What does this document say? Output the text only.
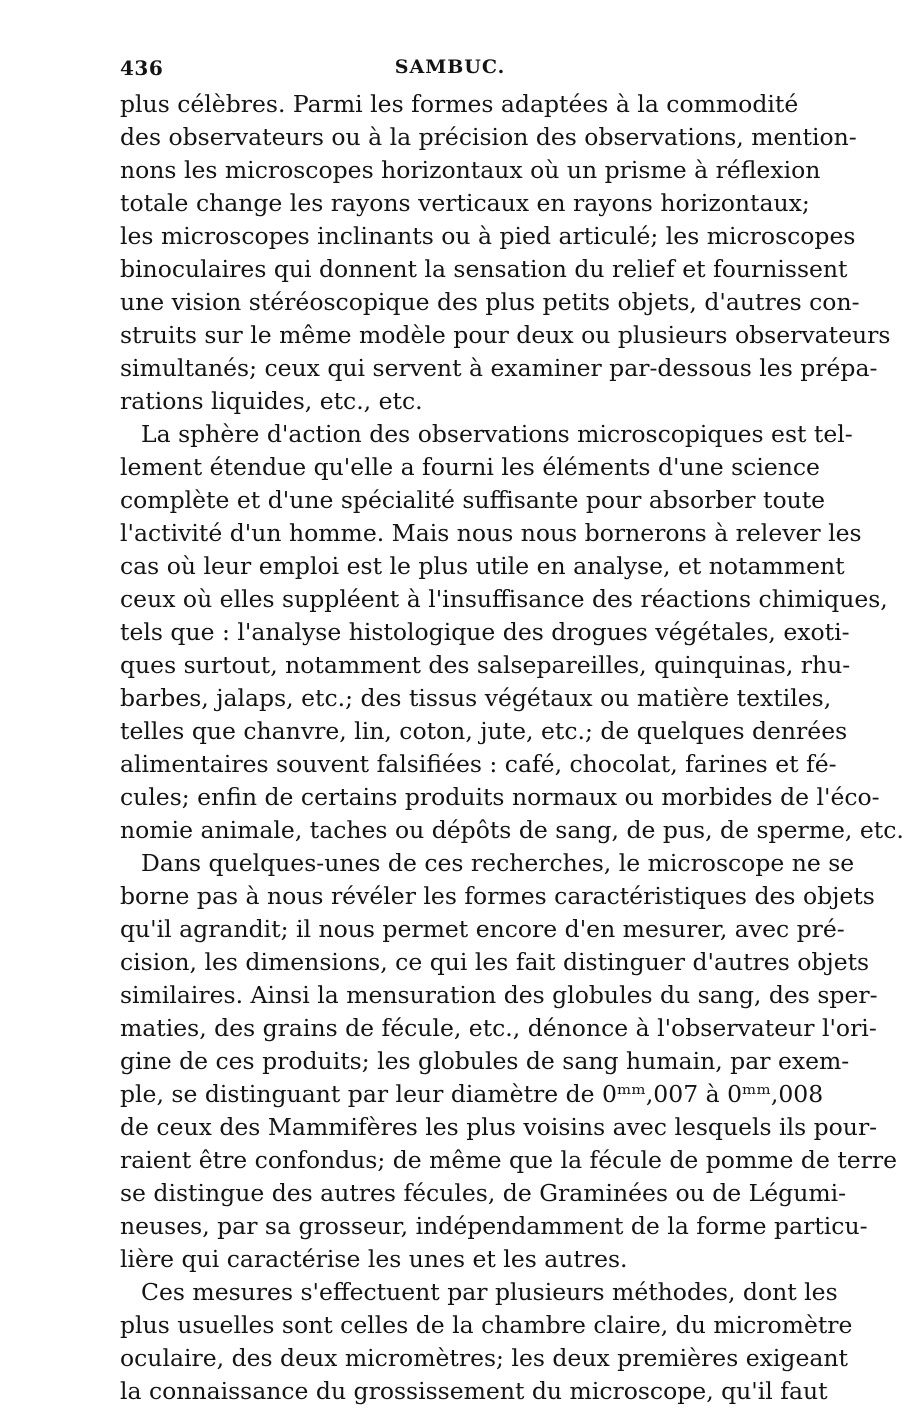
436	SAMBUC.
plus célèbres. Parmi les formes adaptées à la commodité
des observateurs ou à la précision des observations, mention-
nons les microscopes horizontaux où un prisme à réflexion
totale change les rayons verticaux en rayons horizontaux;
les microscopes inclinants ou à pied articulé; les microscopes
binoculaires qui donnent la sensation du relief et fournissent
une vision stéréoscopique des plus petits objets, d'autres con-
struits sur le même modèle pour deux ou plusieurs observateurs
simultanés; ceux qui servent à examiner par-dessous les prépa-
rations liquides, etc., etc.
La sphère d'action des observations microscopiques est tel-
lement étendue qu'elle a fourni les éléments d'une science
complète et d'une spécialité suffisante pour absorber toute
l'activité d'un homme. Mais nous nous bornerons à relever les
cas où leur emploi est le plus utile en analyse, et notamment
ceux où elles suppléent à l'insuffisance des réactions chimiques,
tels que : l'analyse histologique des drogues végétales, exoti-
ques surtout, notamment des salsepareilles, quinquinas, rhu-
barbes, jalaps, etc.; des tissus végétaux ou matière textiles,
telles que chanvre, lin, coton, jute, etc.; de quelques denrées
alimentaires souvent falsifiées : café, chocolat, farines et fé-
cules; enfin de certains produits normaux ou morbides de l'éco-
nomie animale, taches ou dépôts de sang, de pus, de sperme, etc.
Dans quelques-unes de ces recherches, le microscope ne se
borne pas à nous révéler les formes caractéristiques des objets
qu'il agrandit; il nous permet encore d'en mesurer, avec pré-
cision, les dimensions, ce qui les fait distinguer d'autres objets
similaires. Ainsi la mensuration des globules du sang, des sper-
maties, des grains de fécule, etc., dénonce à l'observateur l'ori-
gine de ces produits; les globules de sang humain, par exem-
ple, se distinguant par leur diamètre de 0ᵐᵐ,007 à 0ᵐᵐ,008
de ceux des Mammifères les plus voisins avec lesquels ils pour-
raient être confondus; de même que la fécule de pomme de terre
se distingue des autres fécules, de Graminées ou de Légumi-
neuses, par sa grosseur, indépendamment de la forme particu-
lière qui caractérise les unes et les autres.
Ces mesures s'effectuent par plusieurs méthodes, dont les
plus usuelles sont celles de la chambre claire, du micromètre
oculaire, des deux micromètres; les deux premières exigeant
la connaissance du grossissement du microscope, qu'il faut
